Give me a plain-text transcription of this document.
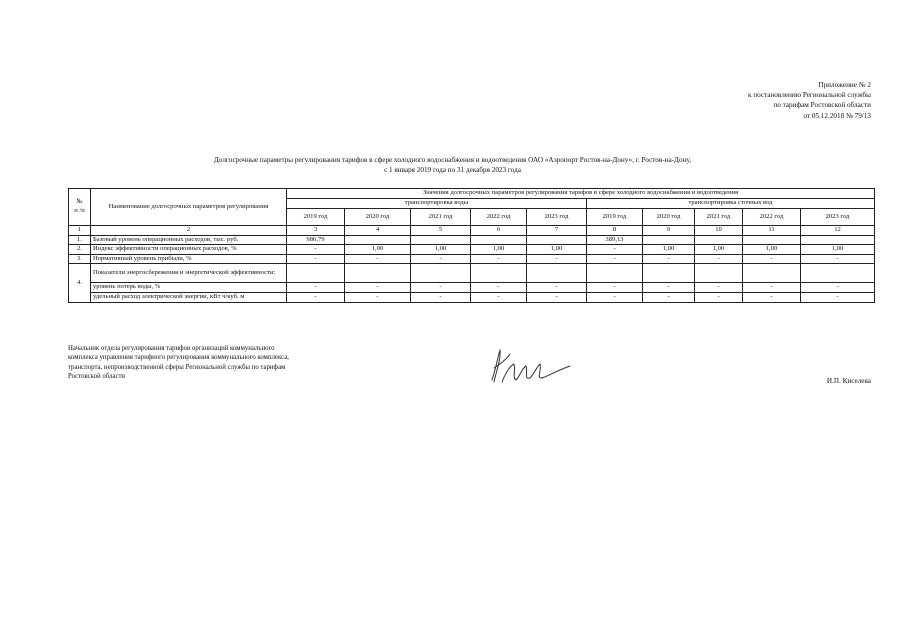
Приложение № 2
к постановлению Региональной службы
по тарифам Ростовской области
от 05.12.2018 № 79/13
Долгосрочные параметры регулирования тарифов в сфере холодного водоснабжения и водоотведения ОАО «Аэропорт Ростов-на-Дону», г. Ростов-на-Дону,
с 1 января 2019 года по 31 декабря 2023 года
№
п /п	Наименование долгосрочных параметров регулирования	Значения долгосрочных параметров регулирования тарифов в сфере холодного водоснабжения и водоотведения									
		транспортировка воды					транспортировка сточных вод				
		2019 год	2020 год	2021 год	2022 год	2023 год	2019 год	2020 год	2021 год	2022 год	2023 год
1	2	3	4	5	6	7	8	9	10	11	12
1.	Базовый уровень операционных расходов, тыс. руб.	986,79					389,13				
2.	Индекс эффективности операционных расходов, %	-	1,00	1,00	1,00	1,00	-	1,00	1,00	1,00	1,00
3.	Нормативный уровень прибыли, %	-	-	-	-	-	-	-	-	-	-
4.	Показатели энергосбережения и энергетической эффективности:										
	уровень потерь воды, %	-	-	-	-	-	-	-	-	-	-
	удельный расход электрической энергии, кВт ч/куб. м	-	-	-	-	-	-	-	-	-	-
Начальник отдела регулирования тарифов организаций коммунального
комплекса управления тарифного регулирования коммунального комплекса,
транспорта, непроизводственной сферы Региональной службы по тарифам
Ростовской области
И.П. Киселева
